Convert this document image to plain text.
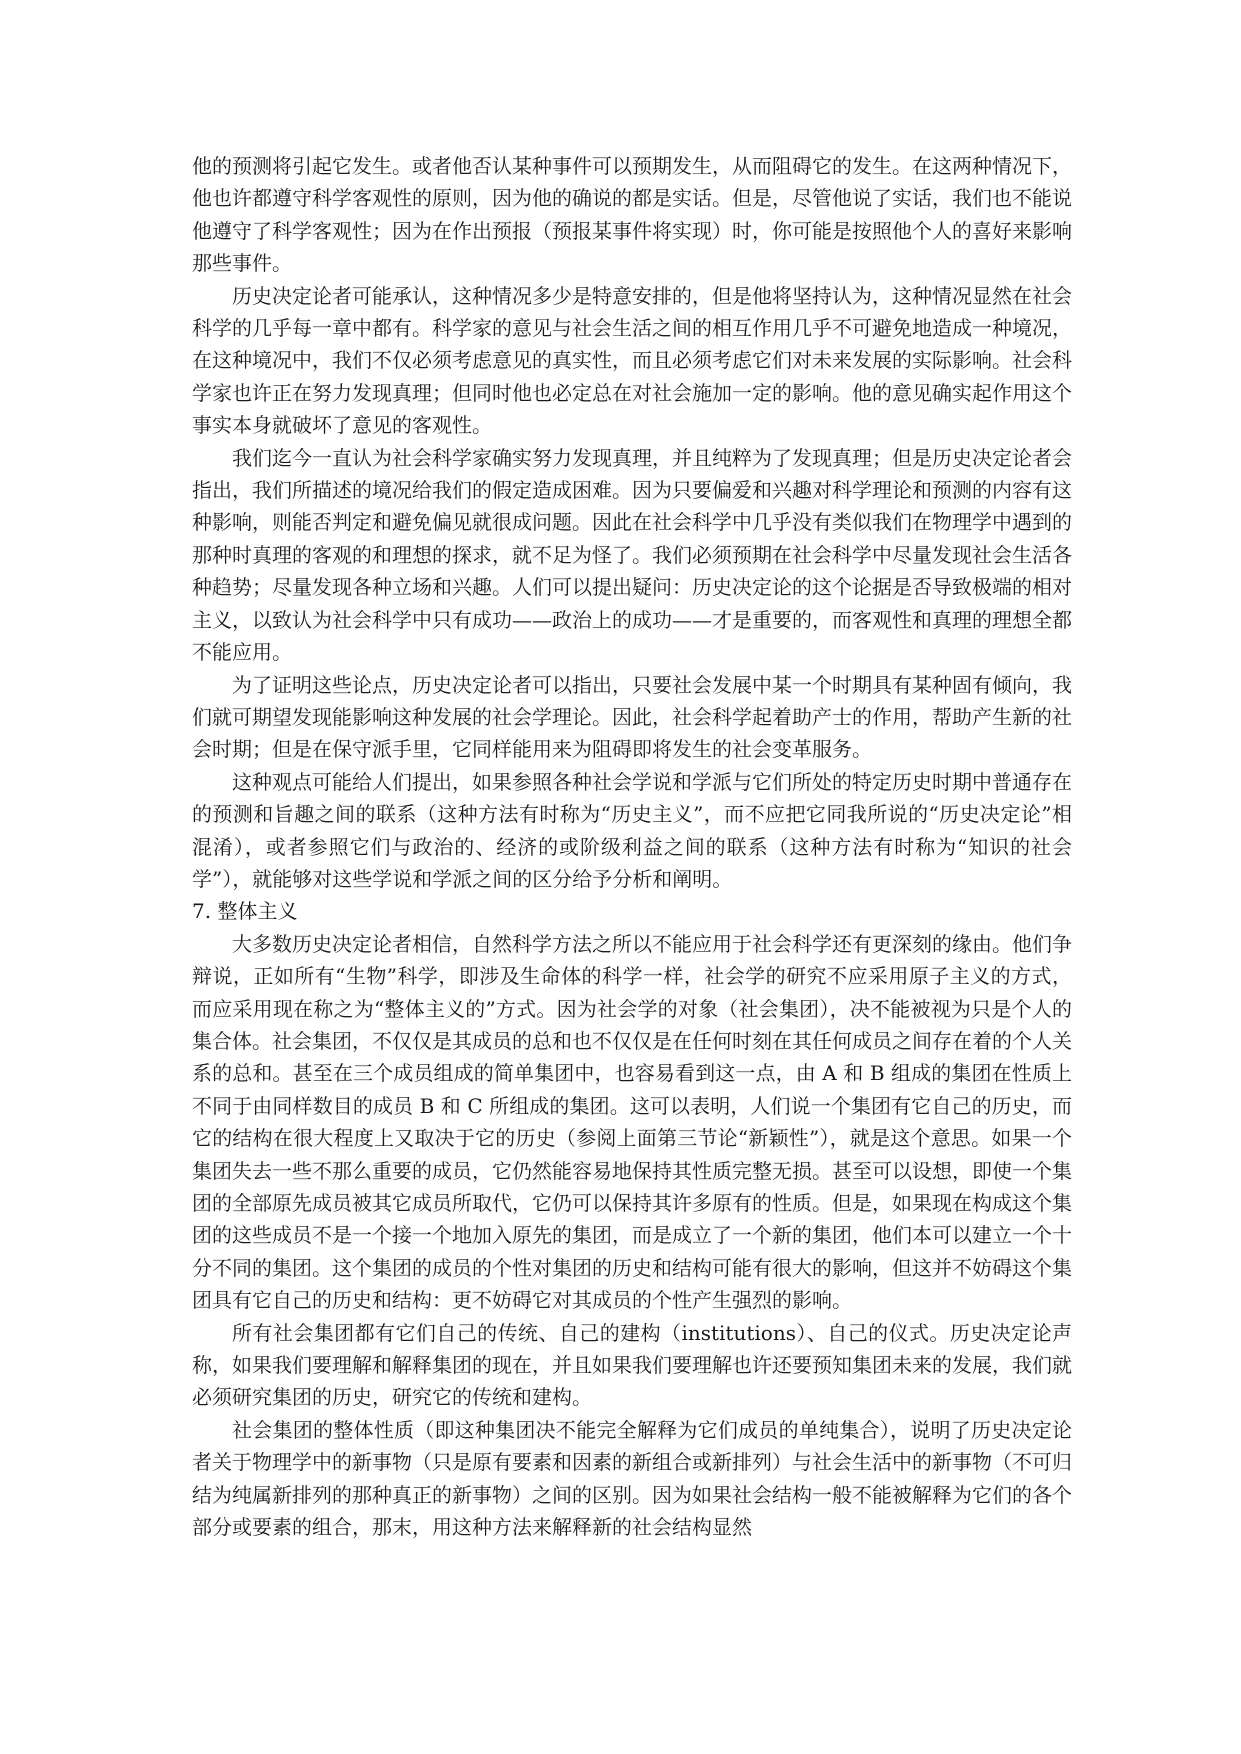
他的预测将引起它发生。或者他否认某种事件可以预期发生，从而阻碍它的发生。在这两种情况下，他也许都遵守科学客观性的原则，因为他的确说的都是实话。但是，尽管他说了实话，我们也不能说他遵守了科学客观性；因为在作出预报（预报某事件将实现）时，你可能是按照他个人的喜好来影响那些事件。

历史决定论者可能承认，这种情况多少是特意安排的，但是他将坚持认为，这种情况显然在社会科学的几乎每一章中都有。科学家的意见与社会生活之间的相互作用几乎不可避免地造成一种境况，在这种境况中，我们不仅必须考虑意见的真实性，而且必须考虑它们对未来发展的实际影响。社会科学家也许正在努力发现真理；但同时他也必定总在对社会施加一定的影响。他的意见确实起作用这个事实本身就破坏了意见的客观性。

我们迄今一直认为社会科学家确实努力发现真理，并且纯粹为了发现真理；但是历史决定论者会指出，我们所描述的境况给我们的假定造成困难。因为只要偏爱和兴趣对科学理论和预测的内容有这种影响，则能否判定和避免偏见就很成问题。因此在社会科学中几乎没有类似我们在物理学中遇到的那种时真理的客观的和理想的探求，就不足为怪了。我们必须预期在社会科学中尽量发现社会生活各种趋势；尽量发现各种立场和兴趣。人们可以提出疑问：历史决定论的这个论据是否导致极端的相对主义，以致认为社会科学中只有成功——政治上的成功——才是重要的，而客观性和真理的理想全都不能应用。

为了证明这些论点，历史决定论者可以指出，只要社会发展中某一个时期具有某种固有倾向，我们就可期望发现能影响这种发展的社会学理论。因此，社会科学起着助产士的作用，帮助产生新的社会时期；但是在保守派手里，它同样能用来为阻碍即将发生的社会变革服务。

这种观点可能给人们提出，如果参照各种社会学说和学派与它们所处的特定历史时期中普通存在的预测和旨趣之间的联系（这种方法有时称为“历史主义”，而不应把它同我所说的“历史决定论”相混淆），或者参照它们与政治的、经济的或阶级利益之间的联系（这种方法有时称为“知识的社会学”），就能够对这些学说和学派之间的区分给予分析和阐明。

7. 整体主义

大多数历史决定论者相信，自然科学方法之所以不能应用于社会科学还有更深刻的缘由。他们争辩说，正如所有“生物”科学，即涉及生命体的科学一样，社会学的研究不应采用原子主义的方式，而应采用现在称之为“整体主义的”方式。因为社会学的对象（社会集团），决不能被视为只是个人的集合体。社会集团，不仅仅是其成员的总和也不仅仅是在任何时刻在其任何成员之间存在着的个人关系的总和。甚至在三个成员组成的简单集团中，也容易看到这一点，由 A 和 B 组成的集团在性质上不同于由同样数目的成员 B 和 C 所组成的集团。这可以表明，人们说一个集团有它自己的历史，而它的结构在很大程度上又取决于它的历史（参阅上面第三节论“新颖性”），就是这个意思。如果一个集团失去一些不那么重要的成员，它仍然能容易地保持其性质完整无损。甚至可以设想，即使一个集团的全部原先成员被其它成员所取代，它仍可以保持其许多原有的性质。但是，如果现在构成这个集团的这些成员不是一个接一个地加入原先的集团，而是成立了一个新的集团，他们本可以建立一个十分不同的集团。这个集团的成员的个性对集团的历史和结构可能有很大的影响，但这并不妨碍这个集团具有它自己的历史和结构：更不妨碍它对其成员的个性产生强烈的影响。

所有社会集团都有它们自己的传统、自己的建构（institutions）、自己的仪式。历史决定论声称，如果我们要理解和解释集团的现在，并且如果我们要理解也许还要预知集团未来的发展，我们就必须研究集团的历史，研究它的传统和建构。

社会集团的整体性质（即这种集团决不能完全解释为它们成员的单纯集合），说明了历史决定论者关于物理学中的新事物（只是原有要素和因素的新组合或新排列）与社会生活中的新事物（不可归结为纯属新排列的那种真正的新事物）之间的区别。因为如果社会结构一般不能被解释为它们的各个部分或要素的组合，那末，用这种方法来解释新的社会结构显然
